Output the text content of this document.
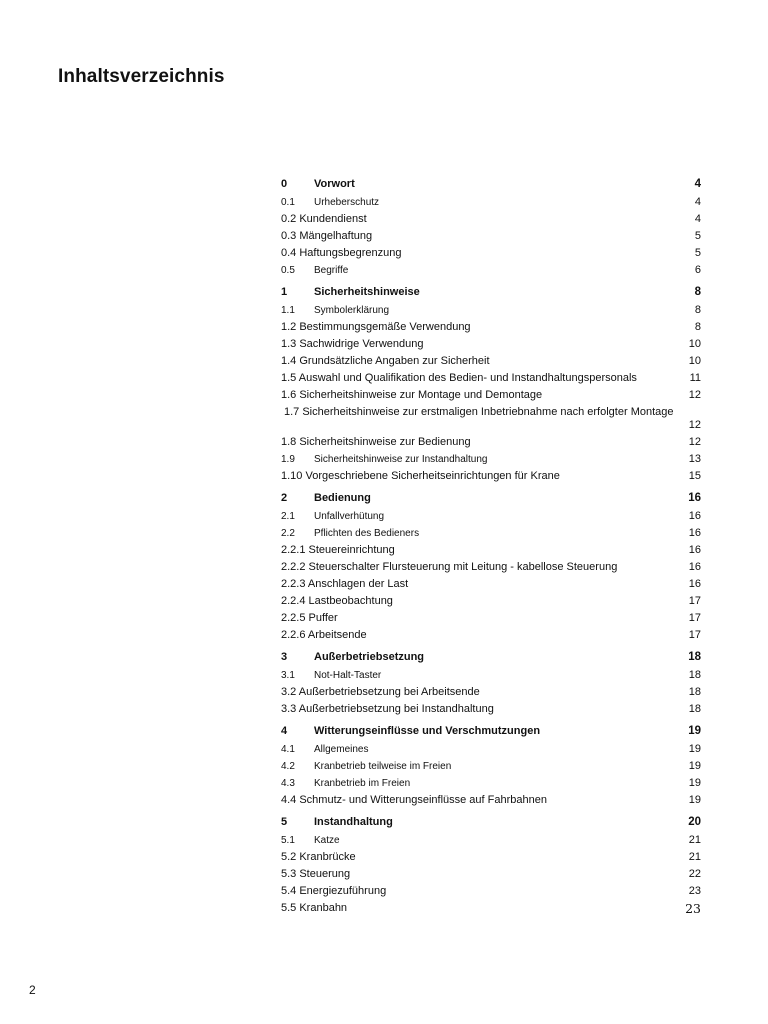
Inhaltsverzeichnis
0 Vorwort	4
0.1 Urheberschutz	4
0.2 Kundendienst	4
0.3 Mängelhaftung	5
0.4 Haftungsbegrenzung	5
0.5 Begriffe	6
1 Sicherheitshinweise	8
1.1 Symbolerklärung	8
1.2 Bestimmungsgemäße Verwendung	8
1.3 Sachwidrige Verwendung	10
1.4 Grundsätzliche Angaben zur Sicherheit	10
1.5 Auswahl und Qualifikation des Bedien- und Instandhaltungspersonals	11
1.6 Sicherheitshinweise zur Montage und Demontage	12
1.7 Sicherheitshinweise zur erstmaligen Inbetriebnahme nach erfolgter Montage
12
1.8 Sicherheitshinweise zur Bedienung	12
1.9 Sicherheitshinweise zur Instandhaltung	13
1.10 Vorgeschriebene Sicherheitseinrichtungen für Krane	15
2 Bedienung	16
2.1 Unfallverhütung	16
2.2 Pflichten des Bedieners	16
2.2.1 Steuereinrichtung	16
2.2.2 Steuerschalter Flursteuerung mit Leitung - kabellose Steuerung	16
2.2.3 Anschlagen der Last	16
2.2.4 Lastbeobachtung	17
2.2.5 Puffer	17
2.2.6 Arbeitsende	17
3 Außerbetriebsetzung	18
3.1 Not-Halt-Taster	18
3.2 Außerbetriebsetzung bei Arbeitsende	18
3.3 Außerbetriebsetzung bei Instandhaltung	18
4 Witterungseinflüsse und Verschmutzungen	19
4.1 Allgemeines	19
4.2 Kranbetrieb teilweise im Freien	19
4.3 Kranbetrieb im Freien	19
4.4 Schmutz- und Witterungseinflüsse auf Fahrbahnen	19
5 Instandhaltung	20
5.1 Katze	21
5.2 Kranbrücke	21
5.3 Steuerung	22
5.4 Energiezuführung	23
5.5 Kranbahn	23
2
